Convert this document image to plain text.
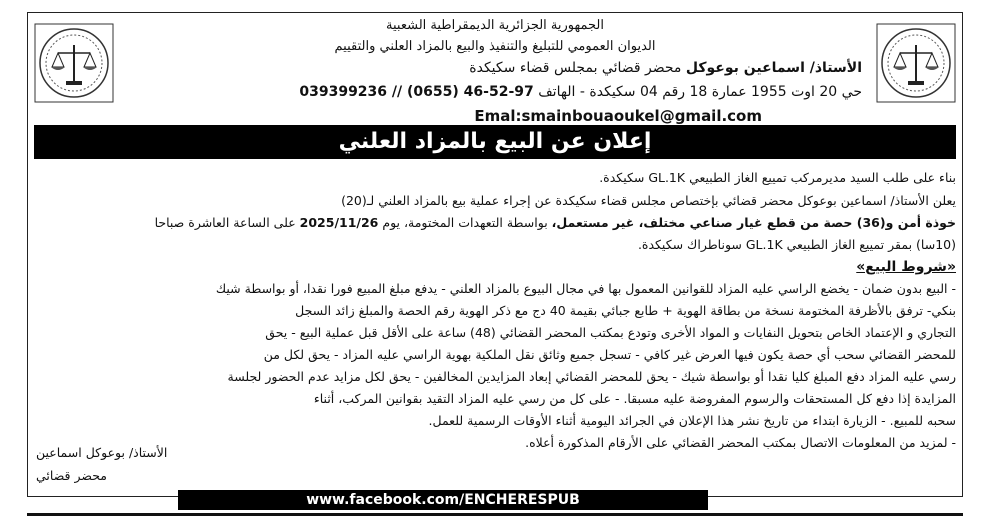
الجمهورية الجزائرية الديمقراطية الشعبية
الديوان العمومي للتبليغ والتنفيذ والبيع بالمزاد العلني والتقييم
الأستاذ/ اسماعين بوعوكل محضر قضائي بمجلس قضاء سكيكدة
حي 20 اوت 1955 عمارة 18 رقم 04 سكيكدة - الهاتف 97-52-46 (0655) // 039399236
Emal:smainbouaoukel@gmail.com
إعلان عن البيع بالمزاد العلني
بناء على طلب السيد مديرمركب تمييع الغاز الطبيعي GL.1K سكيكدة.
يعلن الأستاذ/ اسماعين بوعوكل محضر قضائي بإختصاص مجلس قضاء سكيكدة عن إجراء عملية بيع بالمزاد العلني لـ(20)
خوذة أمن و(36) حصة من قطع غيار صناعي مختلف، غير مستعمل، بواسطة التعهدات المختومة، يوم 2025/11/26 على الساعة العاشرة صباحا
(10سا) بمقر تمييع الغاز الطبيعي GL.1K سوناطراك سكيكدة.
«شروط البيع»
- البيع بدون ضمان - يخضع الراسي عليه المزاد للقوانين المعمول بها في مجال البيوع بالمزاد العلني - يدفع مبلغ المبيع فورا نقدا، أو بواسطة شيك
بنكي- ترفق بالأظرفة المختومة نسخة من بطاقة الهوية + طابع جبائي بقيمة 40 دج مع ذكر الهوية رقم الحصة والمبلغ زائد السجل
التجاري و الإعتماد الخاص بتحويل النفايات و المواد الأخرى وتودع بمكتب المحضر القضائي (48) ساعة على الأقل قبل عملية البيع - يحق
للمحضر القضائي سحب أي حصة يكون فيها العرض غير كافي - تسجل جميع وثائق نقل الملكية بهوية الراسي عليه المزاد - يحق لكل من
رسي عليه المزاد دفع المبلغ كليا نقدا أو بواسطة شيك - يحق للمحضر القضائي إبعاد المزايدين المخالفين - يحق لكل مزايد عدم الحضور لجلسة
المزايدة إذا دفع كل المستحقات والرسوم المفروضة عليه مسبقا. - على كل من رسي عليه المزاد التقيد بقوانين المركب، أثناء
سحبه للمبيع. - الزيارة ابتداء من تاريخ نشر هذا الإعلان في الجرائد اليومية أثناء الأوقات الرسمية للعمل.
- لمزيد من المعلومات الاتصال بمكتب المحضر القضائي على الأرقام المذكورة أعلاه.
الأستاذ/ بوعوكل اسماعين
محضر قضائي
www.facebook.com/ENCHERESPUB
